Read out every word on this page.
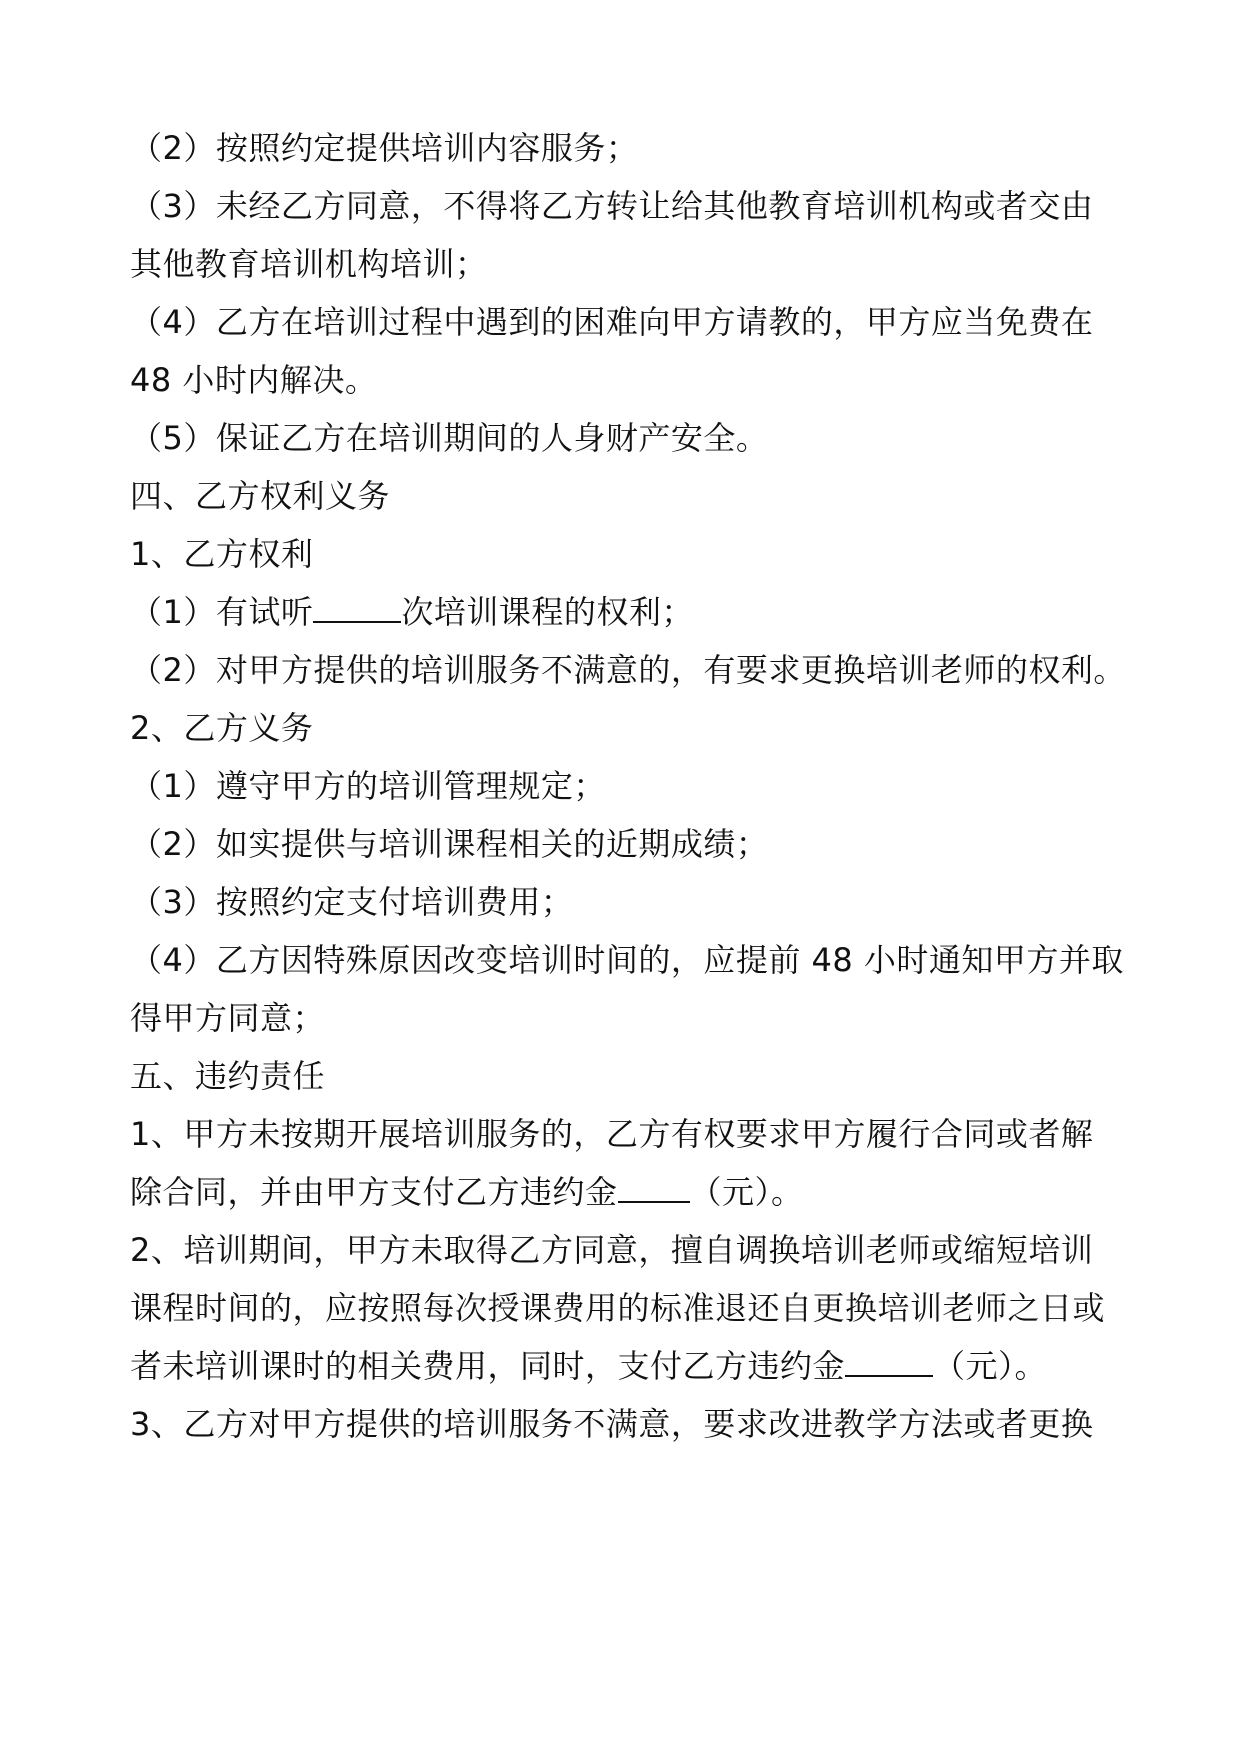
（2）按照约定提供培训内容服务；
（3）未经乙方同意，不得将乙方转让给其他教育培训机构或者交由
其他教育培训机构培训；
（4）乙方在培训过程中遇到的困难向甲方请教的，甲方应当免费在
48 小时内解决。
（5）保证乙方在培训期间的人身财产安全。
四、乙方权利义务
1、乙方权利
（1）有试听	次培训课程的权利；
（2）对甲方提供的培训服务不满意的，有要求更换培训老师的权利。
2、乙方义务
（1）遵守甲方的培训管理规定；
（2）如实提供与培训课程相关的近期成绩；
（3）按照约定支付培训费用；
（4）乙方因特殊原因改变培训时间的，应提前 48 小时通知甲方并取
得甲方同意；
五、违约责任
1、甲方未按期开展培训服务的，乙方有权要求甲方履行合同或者解
除合同，并由甲方支付乙方违约金 （元）。
2、培训期间，甲方未取得乙方同意，擅自调换培训老师或缩短培训
课程时间的，应按照每次授课费用的标准退还自更换培训老师之日或
者未培训课时的相关费用，同时，支付乙方违约金	（元）。
3、乙方对甲方提供的培训服务不满意，要求改进教学方法或者更换
